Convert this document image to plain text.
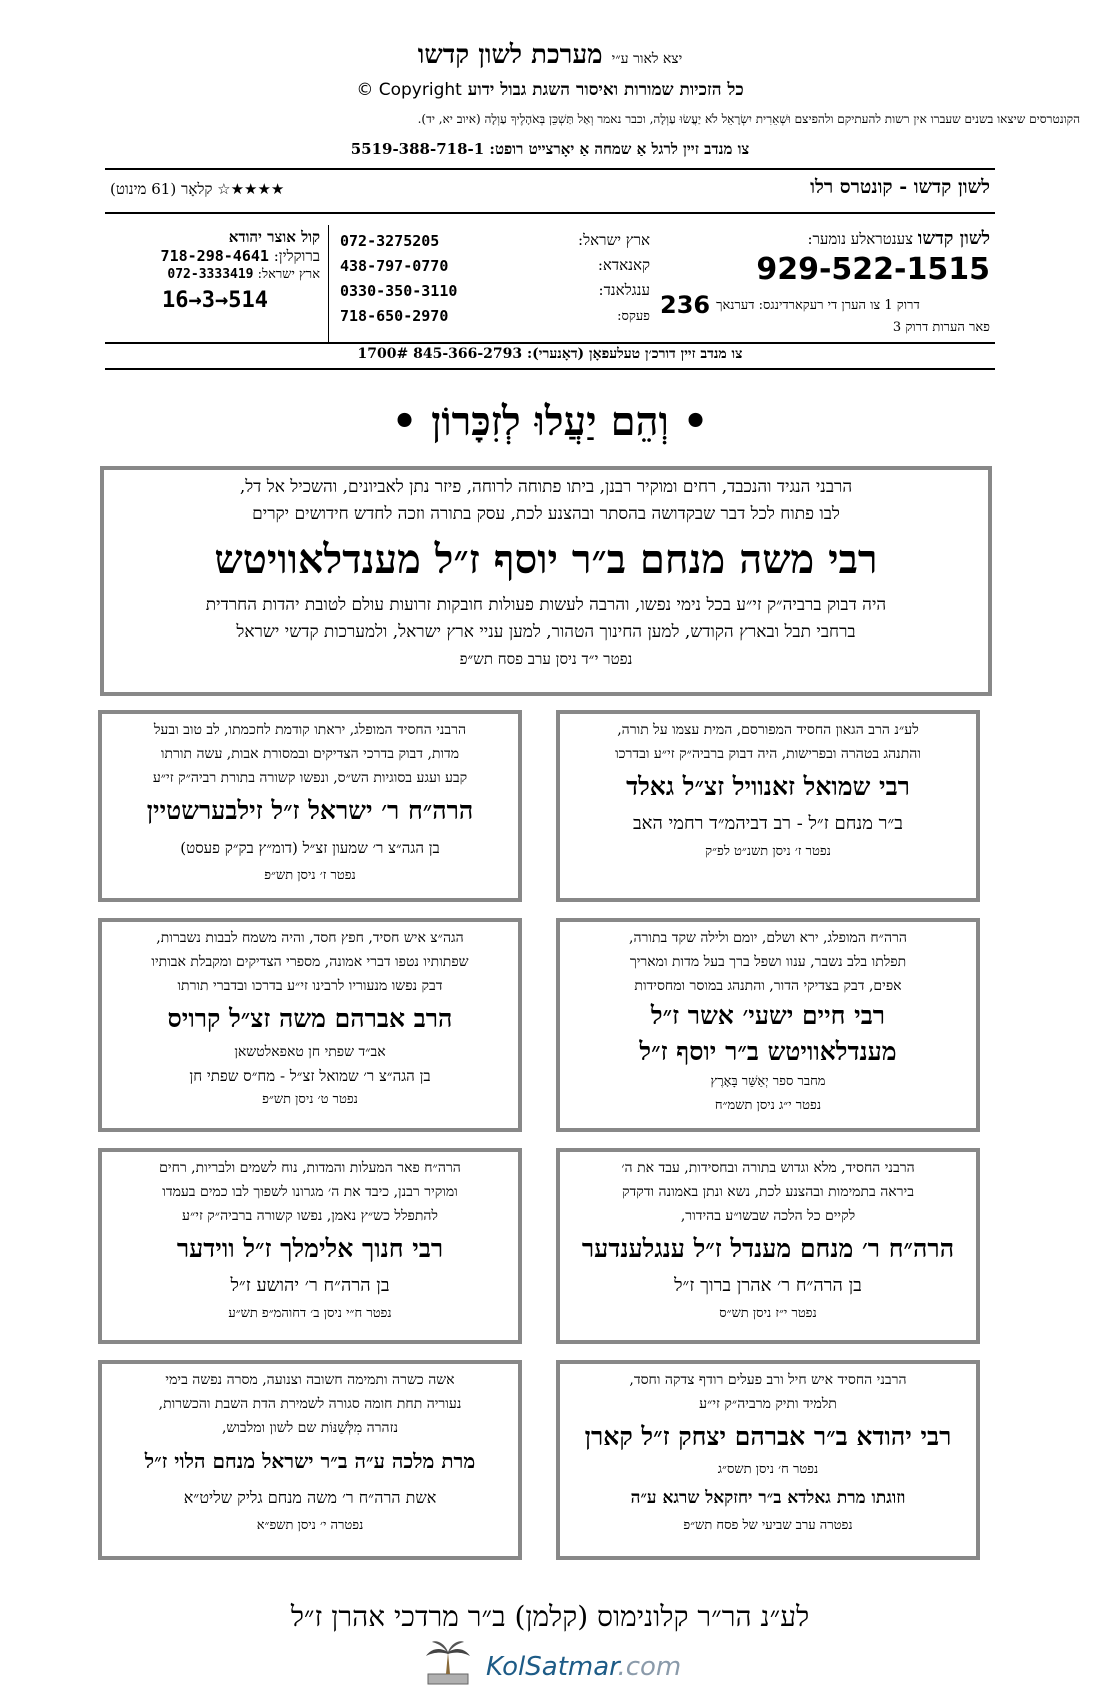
יצא לאור ע״י מערכת לשון קדשו
כל הזכיות שמורות ואיסור השגת גבול ידוע Copyright ©
הקונטרסים שיצאו בשנים שעברו אין רשות להעתיקם ולהפיצם וּשְׁאֵרִית יִשְׂרָאֵל לֹא יַעֲשׂוּ עַוְלָה, וכבר נאמר וְאַל תַּשְׁכֵּן בְּאֹהָלֶיךָ עַוְלָה (איוב יא, יד).
צו מנדב זיין לרגל אַ שמחה אַ יאָרצייט רופט: 5519-388-718-1
★★★★☆ קלאָר (61 מינוט)	לשון קדשו - קונטרס רלו
לשון קדשו צענטראלע נומער:
929-522-1515
דרוק 1 צו הערן די רעקארדינגס: דערנאך
236
פאר הערות דרוק 3
072-3275205	ארץ ישראל:
438-797-0770	קאנאדא:
0330-350-3110	ענגלאנד:
718-650-2970	פעקס:
קול אוצר יהודא
ברוקלין: 718-298-4641
ארץ ישראל: 072-3333419
16→3→514
צו מנדב זיין דורכ׳ן טעלעפאָן (דאָנערי): 845-366-2793 1700#
• וְהֵם יַעֲלוּ לְזִכָּרוֹן •
הרבני הנגיד והנכבד, רחים ומוקיר רבנן, ביתו פתוחה לרוחה, פיזר נתן לאביונים, והשכיל אל דל,
לבו פתוח לכל דבר שבקדושה בהסתר ובהצנע לכת, עסק בתורה וזכה לחדש חידושים יקרים
רבי משה מנחם ב״ר יוסף ז״ל מענדלאוויטש
היה דבוק ברביה״ק זי״ע בכל נימי נפשו, והרבה לעשות פעולות חובקות זרועות עולם לטובת יהדות החרדית
ברחבי תבל ובארץ הקודש, למען החינוך הטהור, למען עניי ארץ ישראל, ולמערכות קדשי ישראל
נפטר י״ד ניסן ערב פסח תש״פ
לע״נ הרב הגאון החסיד המפורסם, המית עצמו על תורה,
והתנהג בטהרה ובפרישות, היה דבוק ברביה״ק זי״ע ובדרכו
רבי שמואל זאנוויל זצ״ל גאלד
ב״ר מנחם ז״ל - רב דביהמ״ד רחמי האב
נפטר ז׳ ניסן תשנ״ט לפ״ק
הרבני החסיד המופלג, יראתו קודמת לחכמתו, לב טוב ובעל
מדות, דבוק בדרכי הצדיקים ובמסורת אבות, עשה תורתו
קבע ועגע בסוגיות הש״ס, ונפשו קשורה בתורת רביה״ק זי״ע
הרה״ח ר׳ ישראל ז״ל זילבערשטיין
בן הגה״צ ר׳ שמעון זצ״ל (דומ״ץ בק״ק פעסט)
נפטר ז׳ ניסן תש״פ
הרה״ח המופלג, ירא ושלם, יומם ולילה שקד בתורה,
תפלתו בלב נשבר, ענוו ושפל ברך בעל מדות ומאריך
אפים, דבק בצדיקי הדור, והתנהג במוסר ומחסידות
רבי חיים ישעי׳ אשר ז״ל
מענדלאוויטש ב״ר יוסף ז״ל
מחבר ספר יְאַשֵּׁר בָּאָרֶץ
נפטר י״ג ניסן תשמ״ח
הגה״צ איש חסיד, חפץ חסד, והיה משמח לבבות נשברות,
שפתותיו נטפו דברי אמונה, מספרי הצדיקים ומקבלת אבותיו
דבק נפשו מנעוריו לרבינו זי״ע בדרכו ובדברי תורתו
הרב אברהם משה זצ״ל קרויס
אב״ד שפתי חן טאפאלטשאן
בן הגה״צ ר׳ שמואל זצ״ל - מח״ס שפתי חן
נפטר ט׳ ניסן תש״פ
הרבני החסיד, מלא וגדוש בתורה ובחסידות, עבד את ה׳
ביראה בתמימות ובהצנע לכת, נשא ונתן באמונה ודקדק
לקיים כל הלכה שבשו״ע בהידור,
הרה״ח ר׳ מנחם מענדל ז״ל ענגלענדער
בן הרה״ח ר׳ אהרן ברוך ז״ל
נפטר י״ז ניסן תש״ס
הרה״ח פאר המעלות והמדות, נוח לשמים ולבריות, רחים
ומוקיר רבנן, כיבד את ה׳ מגרונו לשפוך לבו כמים בעמדו
להתפלל כש״ץ נאמן, נפשו קשורה ברביה״ק זי״ע
רבי חנוך אלימלך ז״ל ווידער
בן הרה״ח ר׳ יהושע ז״ל
נפטר ח״י ניסן ב׳ דחוהמ״פ תש״ע
הרבני החסיד איש חיל ורב פעלים רודף צדקה וחסד,
תלמיד ותיק מרביה״ק זי״ע
רבי יהודא ב״ר אברהם יצחק ז״ל קארן
נפטר ח׳ ניסן תשס״ג
וזוגתו מרת גאלדא ב״ר יחזקאל שרגא ע״ה
נפטרה ערב שביעי של פסח תש״פ
אשה כשרה ותמימה חשובה וצנועה, מסרה נפשה בימי
נעוריה תחת חומה סגורה לשמירת הדת השבת והכשרות,
נזהרה מִלְּשַׁנּוֹת שם לשון ומלבוש,
מרת מלכה ע״ה ב״ר ישראל מנחם הלוי ז״ל
אשת הרה״ח ר׳ משה מנחם גליק שליט״א
נפטרה י׳ ניסן תשפ״א
לע״נ הר״ר קלונימוס (קלמן) ב״ר מרדכי אהרן ז״ל
KolSatmar.com
